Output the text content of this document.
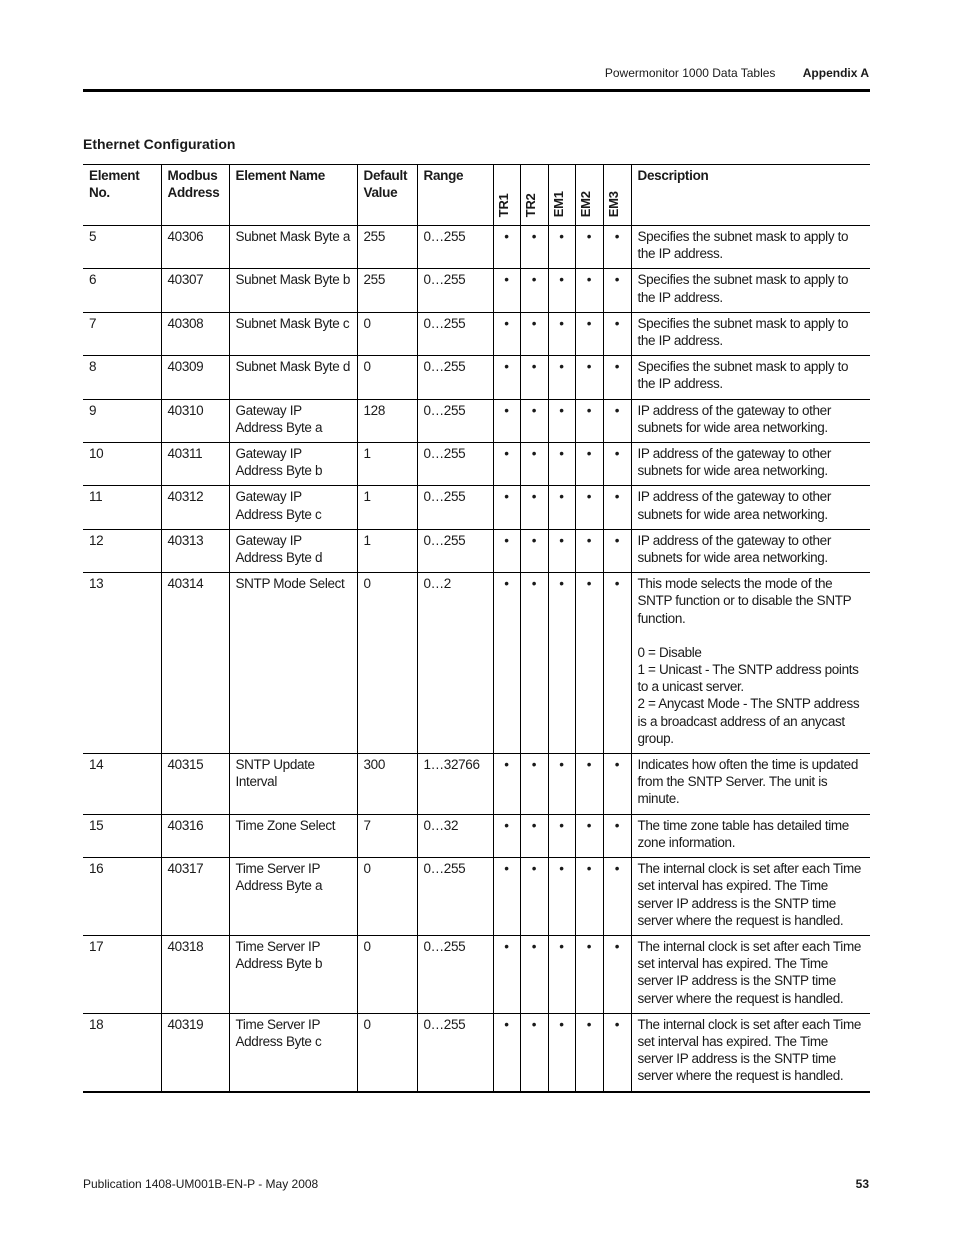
Powermonitor 1000 Data Tables Appendix A
Ethernet Configuration
Element No.	Modbus Address	Element Name	Default Value	Range	TR1	TR2	EM1	EM2	EM3	Description
5	40306	Subnet Mask Byte a	255	0…255	•	•	•	•	•	Specifies the subnet mask to apply to the IP address.

6	40307	Subnet Mask Byte b	255	0…255	•	•	•	•	•	Specifies the subnet mask to apply to the IP address.

7	40308	Subnet Mask Byte c	0	0…255	•	•	•	•	•	Specifies the subnet mask to apply to the IP address.

8	40309	Subnet Mask Byte d	0	0…255	•	•	•	•	•	Specifies the subnet mask to apply to the IP address.

9	40310	Gateway IP Address Byte a	128	0…255	•	•	•	•	•	IP address of the gateway to other subnets for wide area networking.

10	40311	Gateway IP Address Byte b	1	0…255	•	•	•	•	•	IP address of the gateway to other subnets for wide area networking.

11	40312	Gateway IP Address Byte c	1	0…255	•	•	•	•	•	IP address of the gateway to other subnets for wide area networking.

12	40313	Gateway IP Address Byte d	1	0…255	•	•	•	•	•	IP address of the gateway to other subnets for wide area networking.

13	40314	SNTP Mode Select	0	0…2	•	•	•	•	•	This mode selects the mode of the SNTP function or to disable the SNTP function.
0 = Disable
1 = Unicast - The SNTP address points to a unicast server.
2 = Anycast Mode - The SNTP address is a broadcast address of an anycast group.

14	40315	SNTP Update Interval	300	1…32766	•	•	•	•	•	Indicates how often the time is updated from the SNTP Server. The unit is minute.

15	40316	Time Zone Select	7	0…32	•	•	•	•	•	The time zone table has detailed time zone information.

16	40317	Time Server IP Address Byte a	0	0…255	•	•	•	•	•	The internal clock is set after each Time set interval has expired. The Time server IP address is the SNTP time server where the request is handled.

17	40318	Time Server IP Address Byte b	0	0…255	•	•	•	•	•	The internal clock is set after each Time set interval has expired. The Time server IP address is the SNTP time server where the request is handled.

18	40319	Time Server IP Address Byte c	0	0…255	•	•	•	•	•	The internal clock is set after each Time set interval has expired. The Time server IP address is the SNTP time server where the request is handled.
Publication 1408-UM001B-EN-P - May 2008	53
